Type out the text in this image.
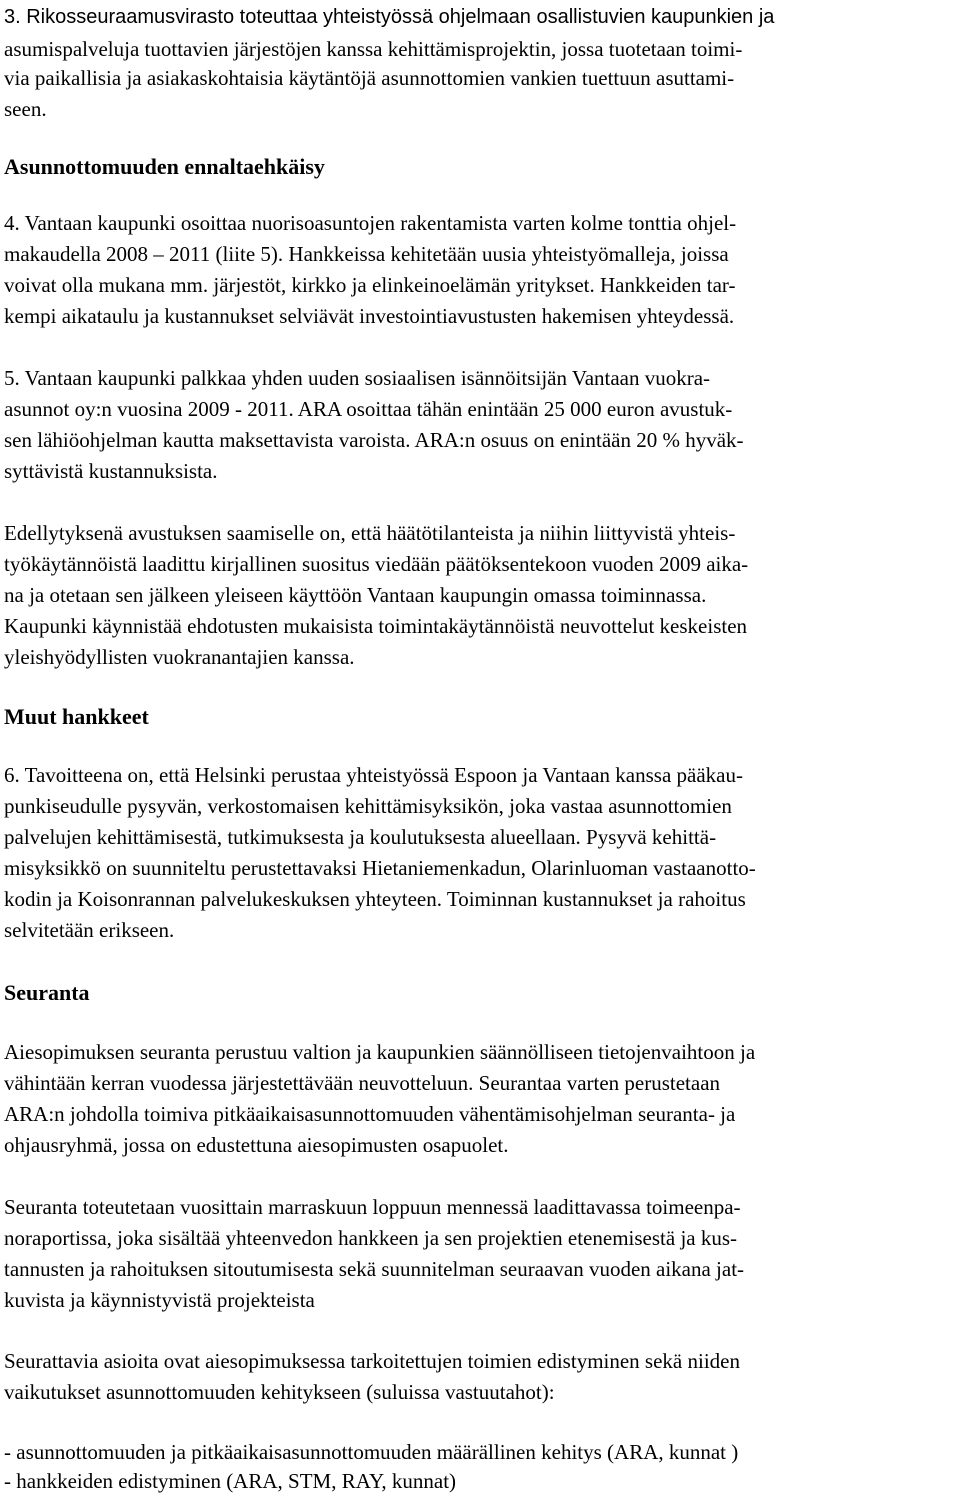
3. Rikosseuraamusvirasto toteuttaa yhteistyössä ohjelmaan osallistuvien kaupunkien ja
asumispalveluja tuottavien järjestöjen kanssa kehittämisprojektin, jossa tuotetaan toimi-
via paikallisia ja asiakaskohtaisia käytäntöjä asunnottomien vankien tuettuun asuttami-
seen.
Asunnottomuuden ennaltaehkäisy
4. Vantaan kaupunki osoittaa nuorisoasuntojen rakentamista varten kolme tonttia ohjel-
makaudella 2008 – 2011 (liite 5). Hankkeissa kehitetään uusia yhteistyömalleja, joissa
voivat olla mukana mm. järjestöt, kirkko ja elinkeinoelämän yritykset. Hankkeiden tar-
kempi aikataulu ja kustannukset selviävät investointiavustusten hakemisen yhteydessä.
5. Vantaan kaupunki palkkaa yhden uuden sosiaalisen isännöitsijän Vantaan vuokra-
asunnot oy:n vuosina 2009 - 2011. ARA osoittaa tähän enintään 25 000 euron avustuk-
sen lähiöohjelman kautta maksettavista varoista. ARA:n osuus on enintään 20 % hyväk-
syttävistä kustannuksista.
Edellytyksenä avustuksen saamiselle on, että häätötilanteista ja niihin liittyvistä yhteis-
työkäytännöistä laadittu kirjallinen suositus viedään päätöksentekoon vuoden 2009 aika-
na ja otetaan sen jälkeen yleiseen käyttöön Vantaan kaupungin omassa toiminnassa.
Kaupunki käynnistää ehdotusten mukaisista toimintakäytännöistä neuvottelut keskeisten
yleishyödyllisten vuokranantajien kanssa.
Muut hankkeet
6. Tavoitteena on, että Helsinki perustaa yhteistyössä Espoon ja Vantaan kanssa pääkau-
punkiseudulle pysyvän, verkostomaisen kehittämisyksikön, joka vastaa asunnottomien
palvelujen kehittämisestä, tutkimuksesta ja koulutuksesta alueellaan. Pysyvä kehittä-
misyksikkö on suunniteltu perustettavaksi Hietaniemenkadun, Olarinluoman vastaanotto-
kodin ja Koisonrannan palvelukeskuksen yhteyteen. Toiminnan kustannukset ja rahoitus
selvitetään erikseen.
Seuranta
Aiesopimuksen seuranta perustuu valtion ja kaupunkien säännölliseen tietojenvaihtoon ja
vähintään kerran vuodessa järjestettävään neuvotteluun. Seurantaa varten perustetaan
ARA:n johdolla toimiva pitkäaikaisasunnottomuuden vähentämisohjelman seuranta- ja
ohjausryhmä, jossa on edustettuna aiesopimusten osapuolet.
Seuranta toteutetaan vuosittain marraskuun loppuun mennessä laadittavassa toimeenpa-
noraportissa, joka sisältää yhteenvedon hankkeen ja sen projektien etenemisestä ja kus-
tannusten ja rahoituksen sitoutumisesta sekä suunnitelman seuraavan vuoden aikana jat-
kuvista ja käynnistyvistä projekteista
Seurattavia asioita ovat aiesopimuksessa tarkoitettujen toimien edistyminen sekä niiden
vaikutukset asunnottomuuden kehitykseen (suluissa vastuutahot):
- asunnottomuuden ja pitkäaikaisasunnottomuuden määrällinen kehitys (ARA, kunnat )
- hankkeiden edistyminen (ARA, STM, RAY, kunnat)
